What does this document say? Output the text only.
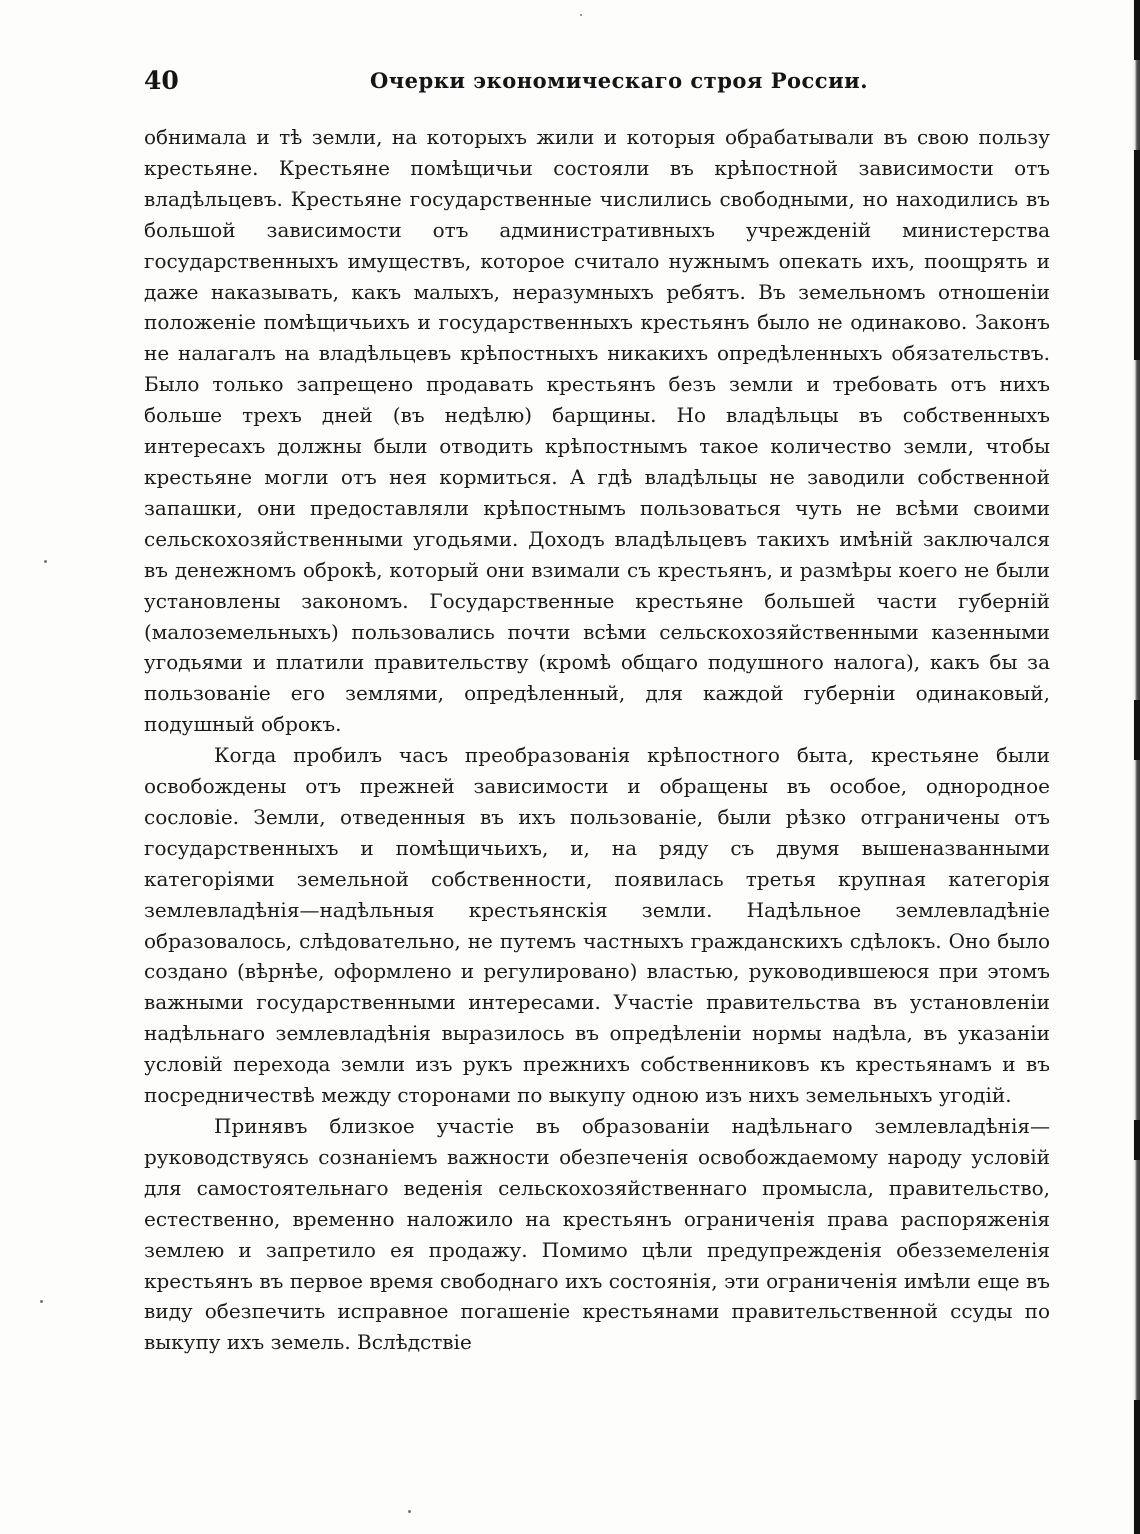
40	Очерки экономическаго строя России.

обнимала и тѣ земли, на которыхъ жили и которыя обрабатывали въ свою пользу крестьяне. Крестьяне помѣщичьи состояли въ крѣпостной зависимости отъ владѣльцевъ. Крестьяне государственные числились свободными, но находились въ большой зависимости отъ административныхъ учрежденій министерства государственныхъ имуществъ, которое считало нужнымъ опекать ихъ, поощрять и даже наказывать, какъ малыхъ, неразумныхъ ребятъ. Въ земельномъ отношеніи положеніе помѣщичьихъ и государственныхъ крестьянъ было не одинаково. Законъ не налагалъ на владѣльцевъ крѣпостныхъ никакихъ опредѣленныхъ обязательствъ. Было только запрещено продавать крестьянъ безъ земли и требовать отъ нихъ больше трехъ дней (въ недѣлю) барщины. Но владѣльцы въ собственныхъ интересахъ должны были отводить крѣпостнымъ такое количество земли, чтобы крестьяне могли отъ нея кормиться. А гдѣ владѣльцы не заводили собственной запашки, они предоставляли крѣпостнымъ пользоваться чуть не всѣми своими сельскохозяйственными угодьями. Доходъ владѣльцевъ такихъ имѣній заключался въ денежномъ оброкѣ, который они взимали съ крестьянъ, и размѣры коего не были установлены закономъ. Государственные крестьяне большей части губерній (малоземельныхъ) пользовались почти всѣми сельскохозяйственными казенными угодьями и платили правительству (кромѣ общаго подушного налога), какъ бы за пользованіе его землями, опредѣленный, для каждой губерніи одинаковый, подушный оброкъ.

Когда пробилъ часъ преобразованія крѣпостного быта, крестьяне были освобождены отъ прежней зависимости и обращены въ особое, однородное сословіе. Земли, отведенныя въ ихъ пользованіе, были рѣзко отграничены отъ государственныхъ и помѣщичьихъ, и, на ряду съ двумя вышеназванными категоріями земельной собственности, появилась третья крупная категорія землевладѣнія—надѣльныя крестьянскія земли. Надѣльное землевладѣніе образовалось, слѣдовательно, не путемъ частныхъ гражданскихъ сдѣлокъ. Оно было создано (вѣрнѣе, оформлено и регулировано) властью, руководившеюся при этомъ важными государственными интересами. Участіе правительства въ установленіи надѣльнаго землевладѣнія выразилось въ опредѣленіи нормы надѣла, въ указаніи условій перехода земли изъ рукъ прежнихъ собственниковъ къ крестьянамъ и въ посредничествѣ между сторонами по выкупу одною изъ нихъ земельныхъ угодій.

Принявъ близкое участіе въ образованіи надѣльнаго землевладѣнія— руководствуясь сознаніемъ важности обезпеченія освобождаемому народу условій для самостоятельнаго веденія сельскохозяйственнаго промысла, правительство, естественно, временно наложило на крестьянъ ограниченія права распоряженія землею и запретило ея продажу. Помимо цѣли предупрежденія обезземеленія крестьянъ въ первое время свободнаго ихъ состоянія, эти ограниченія имѣли еще въ виду обезпечить исправное погашеніе крестьянами правительственной ссуды по выкупу ихъ земель. Вслѣдствіе
